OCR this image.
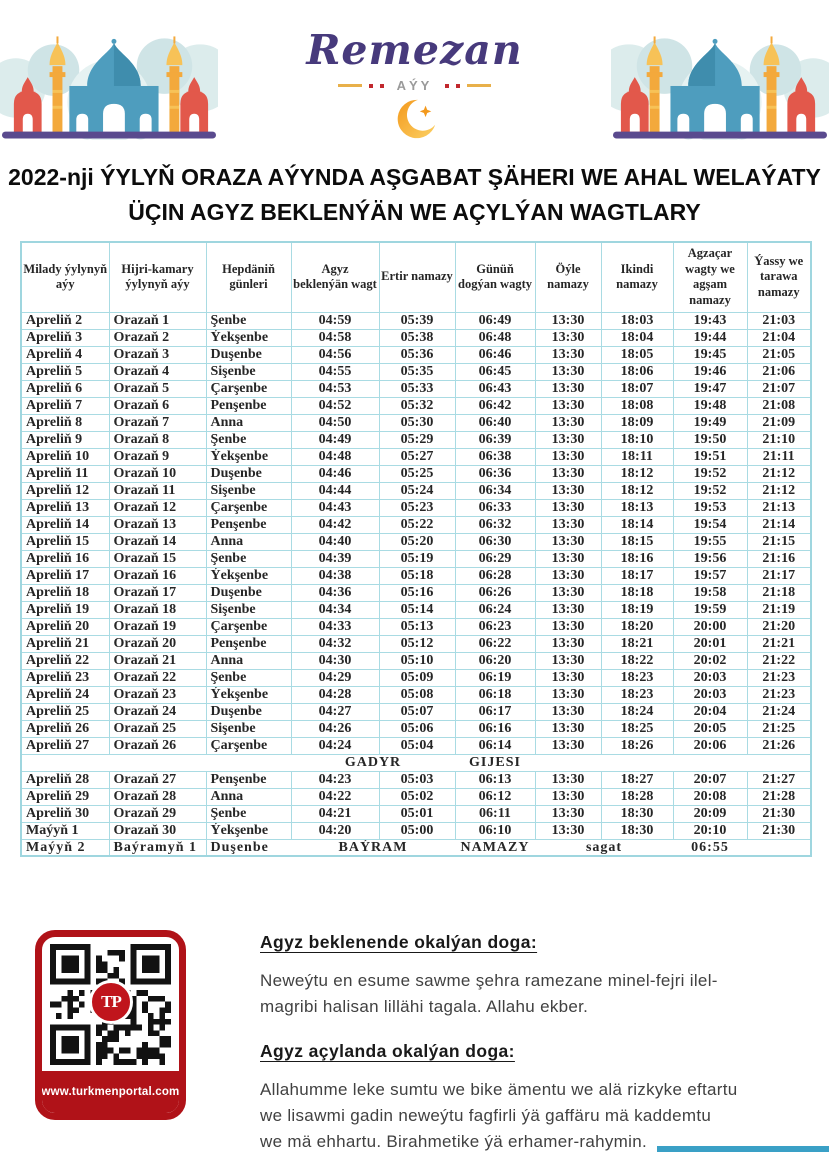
Remezan
AÝY
2022-nji ÝYLYŇ ORAZA AÝYNDA AŞGABAT ŞÄHERI WE AHAL WELAÝATY
ÜÇIN AGYZ BEKLENÝÄN WE AÇYLÝAN WAGTLARY
Milady ýylynyň aýy	Hijri-kamary ýylynyň aýy	Hepdäniň günleri	Agyz beklenýän wagt	Ertir namazy	Günüň dogýan wagty	Öýle namazy	Ikindi namazy	Agzaçar wagty we agşam namazy	Ýassy we tarawa namazy
Apreliň 2	Orazaň 1	Şenbe	04:59	05:39	06:49	13:30	18:03	19:43	21:03
Apreliň 3	Orazaň 2	Ýekşenbe	04:58	05:38	06:48	13:30	18:04	19:44	21:04
Apreliň 4	Orazaň 3	Duşenbe	04:56	05:36	06:46	13:30	18:05	19:45	21:05
Apreliň 5	Orazaň 4	Sişenbe	04:55	05:35	06:45	13:30	18:06	19:46	21:06
Apreliň 6	Orazaň 5	Çarşenbe	04:53	05:33	06:43	13:30	18:07	19:47	21:07
Apreliň 7	Orazaň 6	Penşenbe	04:52	05:32	06:42	13:30	18:08	19:48	21:08
Apreliň 8	Orazaň 7	Anna	04:50	05:30	06:40	13:30	18:09	19:49	21:09
Apreliň 9	Orazaň 8	Şenbe	04:49	05:29	06:39	13:30	18:10	19:50	21:10
Apreliň 10	Orazaň 9	Ýekşenbe	04:48	05:27	06:38	13:30	18:11	19:51	21:11
Apreliň 11	Orazaň 10	Duşenbe	04:46	05:25	06:36	13:30	18:12	19:52	21:12
Apreliň 12	Orazaň 11	Sişenbe	04:44	05:24	06:34	13:30	18:12	19:52	21:12
Apreliň 13	Orazaň 12	Çarşenbe	04:43	05:23	06:33	13:30	18:13	19:53	21:13
Apreliň 14	Orazaň 13	Penşenbe	04:42	05:22	06:32	13:30	18:14	19:54	21:14
Apreliň 15	Orazaň 14	Anna	04:40	05:20	06:30	13:30	18:15	19:55	21:15
Apreliň 16	Orazaň 15	Şenbe	04:39	05:19	06:29	13:30	18:16	19:56	21:16
Apreliň 17	Orazaň 16	Ýekşenbe	04:38	05:18	06:28	13:30	18:17	19:57	21:17
Apreliň 18	Orazaň 17	Duşenbe	04:36	05:16	06:26	13:30	18:18	19:58	21:18
Apreliň 19	Orazaň 18	Sişenbe	04:34	05:14	06:24	13:30	18:19	19:59	21:19
Apreliň 20	Orazaň 19	Çarşenbe	04:33	05:13	06:23	13:30	18:20	20:00	21:20
Apreliň 21	Orazaň 20	Penşenbe	04:32	05:12	06:22	13:30	18:21	20:01	21:21
Apreliň 22	Orazaň 21	Anna	04:30	05:10	06:20	13:30	18:22	20:02	21:22
Apreliň 23	Orazaň 22	Şenbe	04:29	05:09	06:19	13:30	18:23	20:03	21:23
Apreliň 24	Orazaň 23	Ýekşenbe	04:28	05:08	06:18	13:30	18:23	20:03	21:23
Apreliň 25	Orazaň 24	Duşenbe	04:27	05:07	06:17	13:30	18:24	20:04	21:24
Apreliň 26	Orazaň 25	Sişenbe	04:26	05:06	06:16	13:30	18:25	20:05	21:25
Apreliň 27	Orazaň 26	Çarşenbe	04:24	05:04	06:14	13:30	18:26	20:06	21:26
			GADYR		GIJESI				
Apreliň 28	Orazaň 27	Penşenbe	04:23	05:03	06:13	13:30	18:27	20:07	21:27
Apreliň 29	Orazaň 28	Anna	04:22	05:02	06:12	13:30	18:28	20:08	21:28
Apreliň 30	Orazaň 29	Şenbe	04:21	05:01	06:11	13:30	18:30	20:09	21:30
Maýyň 1	Orazaň 30	Ýekşenbe	04:20	05:00	06:10	13:30	18:30	20:10	21:30
Maýyň 2	Baýramyň 1	Duşenbe	BAÝRAM		NAMAZY	sagat		06:55	
TP
www.turkmenportal.com
Agyz beklenende okalýan doga:
Neweýtu en esume sawme şehra ramezane minel-fejri ilel-magribi halisan lillähi tagala. Allahu ekber.
Agyz açylanda okalýan doga:
Allahumme leke sumtu we bike ämentu we alä rizkyke eftartu we lisawmi gadin neweýtu fagfirli ýä gaffäru mä kaddemtu we mä ehhartu. Birahmetike ýä erhamer-rahymin.
